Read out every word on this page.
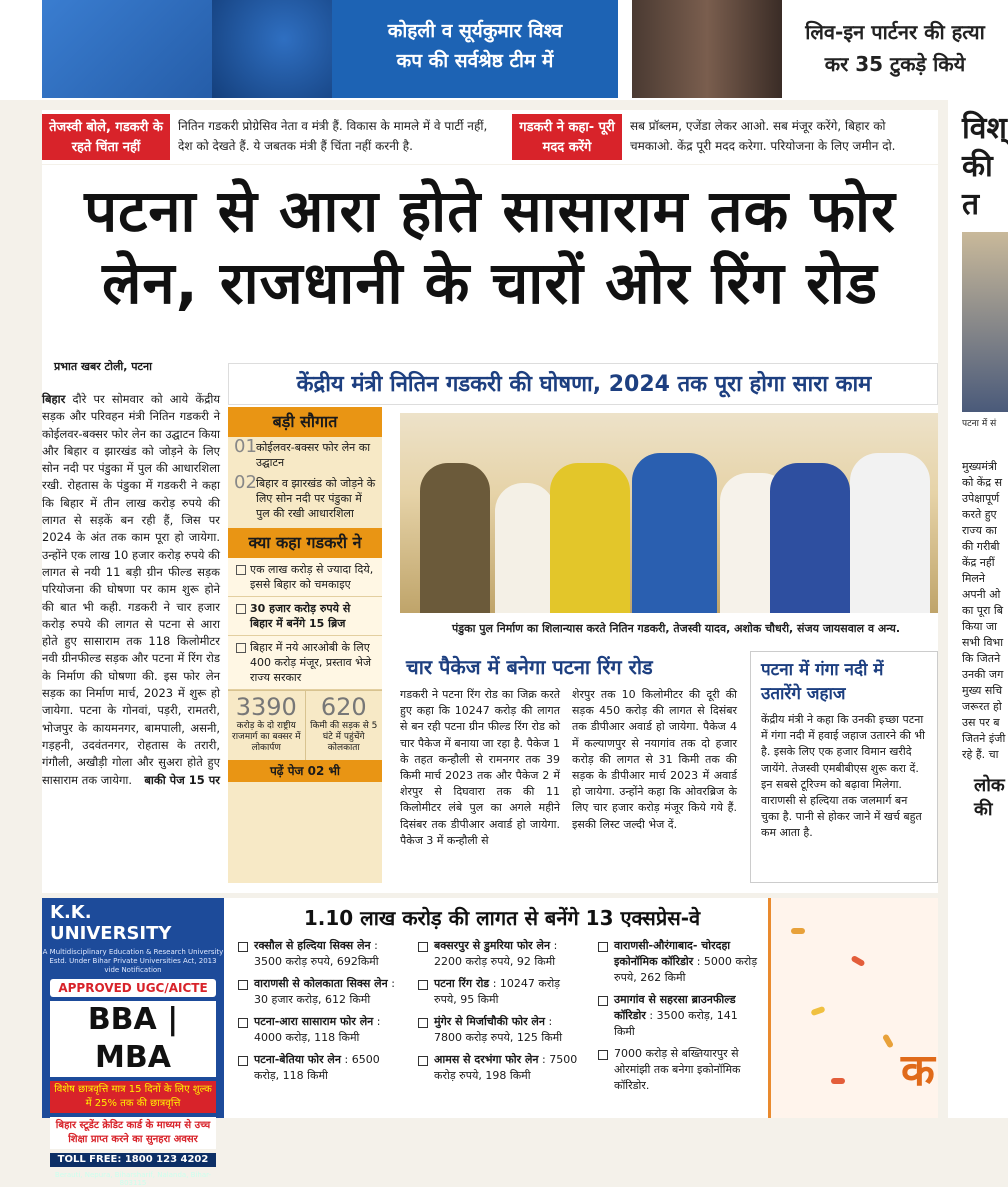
कोहली व सूर्यकुमार विश्व
कप की सर्वश्रेष्ठ टीम में
लिव-इन पार्टनर की हत्या
कर 35 टुकड़े किये
तेजस्वी बोले, गडकरी के रहते चिंता नहीं
नितिन गडकरी प्रोग्रेसिव नेता व मंत्री हैं. विकास के मामले में वे पार्टी नहीं, देश को देखते हैं. ये जबतक मंत्री हैं चिंता नहीं करनी है.
गडकरी ने कहा- पूरी मदद करेंगे
सब प्रॉब्लम, एजेंडा लेकर आओ. सब मंजूर करेंगे, बिहार को चमकाओ. केंद्र पूरी मदद करेगा. परियोजना के लिए जमीन दो.	विश्
की त
पटना में सं
मुख्यमंत्री को केंद्र स उपेक्षापूर्ण करते हुए राज्य का की गरीबी केंद्र नहीं मिलने अपनी ओ का पूरा बि किया जा सभी विभा कि जितने उनकी जग मुख्य सचि जरूरत हो उस पर ब जितने इंजी रहे हैं. चा
लोक की
पटना से आरा होते सासाराम तक फोर लेन, राजधानी के चारों ओर रिंग रोड
प्रभात खबर टोली, पटना
बिहार दौरे पर सोमवार को आये केंद्रीय सड़क और परिवहन मंत्री नितिन गडकरी ने कोईलवर-बक्सर फोर लेन का उद्घाटन किया और बिहार व झारखंड को जोड़ने के लिए सोन नदी पर पंडुका में पुल की आधारशिला रखी. रोहतास के पंडुका में गडकरी ने कहा कि बिहार में तीन लाख करोड़ रुपये की लागत से सड़कें बन रही हैं, जिस पर 2024 के अंत तक काम पूरा हो जायेगा. उन्होंने एक लाख 10 हजार करोड़ रुपये की लागत से नयी 11 बड़ी ग्रीन फील्ड सड़क परियोजना की घोषणा पर काम शुरू होने की बात भी कही. गडकरी ने चार हजार करोड़ रुपये की लागत से पटना से आरा होते हुए सासाराम तक 118 किलोमीटर नवी ग्रीनफील्ड सड़क और पटना में रिंग रोड के निर्माण की घोषणा की. इस फोर लेन सड़क का निर्माण मार्च, 2023 में शुरू हो जायेगा. पटना के गोनवां, पड़री, रामतरी, भोजपुर के कायमनगर, बामपाली, असनी, गड़हनी, उदवंतनगर, रोहतास के तरारी, गंगौली, अखौड़ी गोला और सुअरा होते हुए सासाराम तक जायेगा. बाकी पेज 15 पर
केंद्रीय मंत्री नितिन गडकरी की घोषणा, 2024 तक पूरा होगा सारा काम
बड़ी सौगात
01 कोईलवर-बक्सर फोर लेन का उद्घाटन
02 बिहार व झारखंड को जोड़ने के लिए सोन नदी पर पंडुका में पुल की रखी आधारशिला
क्या कहा गडकरी ने
एक लाख करोड़ से ज्यादा दिये, इससे बिहार को चमकाइए
30 हजार करोड़ रुपये से बिहार में बनेंगे 15 ब्रिज
बिहार में नये आरओबी के लिए 400 करोड़ मंजूर, प्रस्ताव भेजे राज्य सरकार
3390
करोड़ के दो राष्ट्रीय राजमार्ग का बक्सर में लोकार्पण
620
किमी की सड़क से 5 घंटे में पहुंचेंगे कोलकाता
पढ़ें पेज 02 भी
पंडुका पुल निर्माण का शिलान्यास करते नितिन गडकरी, तेजस्वी यादव, अशोक चौधरी, संजय जायसवाल व अन्य.
चार पैकेज में बनेगा पटना रिंग रोड
गडकरी ने पटना रिंग रोड का जिक्र करते हुए कहा कि 10247 करोड़ की लागत से बन रही पटना ग्रीन फील्ड रिंग रोड को चार पैकेज में बनाया जा रहा है. पैकेज 1 के तहत कन्हौली से रामनगर तक 39 किमी मार्च 2023 तक और पैकेज 2 में शेरपुर से दिघवारा तक की 11 किलोमीटर लंबे पुल का अगले महीने दिसंबर तक डीपीआर अवार्ड हो जायेगा. पैकेज 3 में कन्हौली से
शेरपुर तक 10 किलोमीटर की दूरी की सड़क 450 करोड़ की लागत से दिसंबर तक डीपीआर अवार्ड हो जायेगा. पैकेज 4 में कल्याणपुर से नयागांव तक दो हजार करोड़ की लागत से 31 किमी तक की सड़क के डीपीआर मार्च 2023 में अवार्ड हो जायेगा. उन्होंने कहा कि ओवरब्रिज के लिए चार हजार करोड़ मंजूर किये गये हैं. इसकी लिस्ट जल्दी भेज दें.
पटना में गंगा नदी में उतारेंगे जहाज
केंद्रीय मंत्री ने कहा कि उनकी इच्छा पटना में गंगा नदी में हवाई जहाज उतारने की भी है. इसके लिए एक हजार विमान खरीदे जायेंगे. तेजस्वी एमबीबीएस शुरू करा दें. इन सबसे टूरिज्म को बढ़ावा मिलेगा. वाराणसी से हल्दिया तक जलमार्ग बन चुका है. पानी से होकर जाने में खर्च बहुत कम आता है.
K.K. UNIVERSITY
A Multidisciplinary Education & Research University
Estd. Under Bihar Private Universities Act, 2013 vide Notification
APPROVED UGC/AICTE
BBA | MBA
विशेष छात्रवृत्ति मात्र 15 दिनों के लिए शुल्क में 25% तक की छात्रवृत्ति
बिहार स्टूडेंट क्रेडिट कार्ड के माध्यम से उच्च शिक्षा प्राप्त करने का सुनहरा अवसर
TOLL FREE: 1800 123 4202
Berauti, Nepura, Biharsharif, Nalanda, Bihar-803115
1.10 लाख करोड़ की लागत से बनेंगे 13 एक्सप्रेस-वे
रक्सौल से हल्दिया सिक्स लेन : 3500 करोड़ रुपये, 692किमी
वाराणसी से कोलकाता सिक्स लेन : 30 हजार करोड़, 612 किमी
पटना-आरा सासाराम फोर लेन : 4000 करोड़, 118 किमी
पटना-बेतिया फोर लेन : 6500 करोड़, 118 किमी
बक्सरपुर से डुमरिया फोर लेन : 2200 करोड़ रुपये, 92 किमी
पटना रिंग रोड : 10247 करोड़ रुपये, 95 किमी
मुंगेर से मिर्जाचौकी फोर लेन : 7800 करोड़ रुपये, 125 किमी
आमस से दरभंगा फोर लेन : 7500 करोड़ रुपये, 198 किमी
वाराणसी-औरंगाबाद- चोरदहा इकोनॉमिक कॉरिडोर : 5000 करोड़ रुपये, 262 किमी
उमागांव से सहरसा ब्राउनफील्ड कॉरिडोर : 3500 करोड़, 141 किमी
7000 करोड़ से बख्तियारपुर से ओरमांझी तक बनेगा इकोनॉमिक कॉरिडोर.	क
